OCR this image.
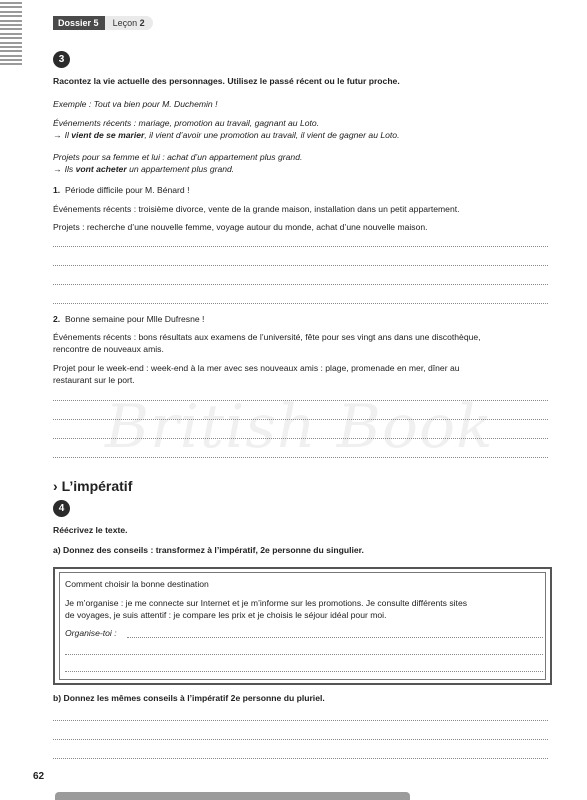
Dossier 5	Leçon 2
British Book
3
Racontez la vie actuelle des personnages. Utilisez le passé récent ou le futur proche.
Exemple : Tout va bien pour M. Duchemin !
Événements récents : mariage, promotion au travail, gagnant au Loto.
→ Il vient de se marier, il vient d’avoir une promotion au travail, il vient de gagner au Loto.
Projets pour sa femme et lui : achat d’un appartement plus grand.
→ Ils vont acheter un appartement plus grand.
1. Période difficile pour M. Bénard !
Événements récents : troisième divorce, vente de la grande maison, installation dans un petit appartement.
Projets : recherche d’une nouvelle femme, voyage autour du monde, achat d’une nouvelle maison.
2. Bonne semaine pour Mlle Dufresne !
Événements récents : bons résultats aux examens de l’université, fête pour ses vingt ans dans une discothèque,
rencontre de nouveaux amis.
Projet pour le week-end : week-end à la mer avec ses nouveaux amis : plage, promenade en mer, dîner au
restaurant sur le port.
› L’impératif
4
Réécrivez le texte.
a) Donnez des conseils : transformez à l’impératif, 2e personne du singulier.
Comment choisir la bonne destination
Je m’organise : je me connecte sur Internet et je m’informe sur les promotions. Je consulte différents sites
de voyages, je suis attentif : je compare les prix et je choisis le séjour idéal pour moi.
Organise-toi :
b) Donnez les mêmes conseils à l’impératif 2e personne du pluriel.
62
